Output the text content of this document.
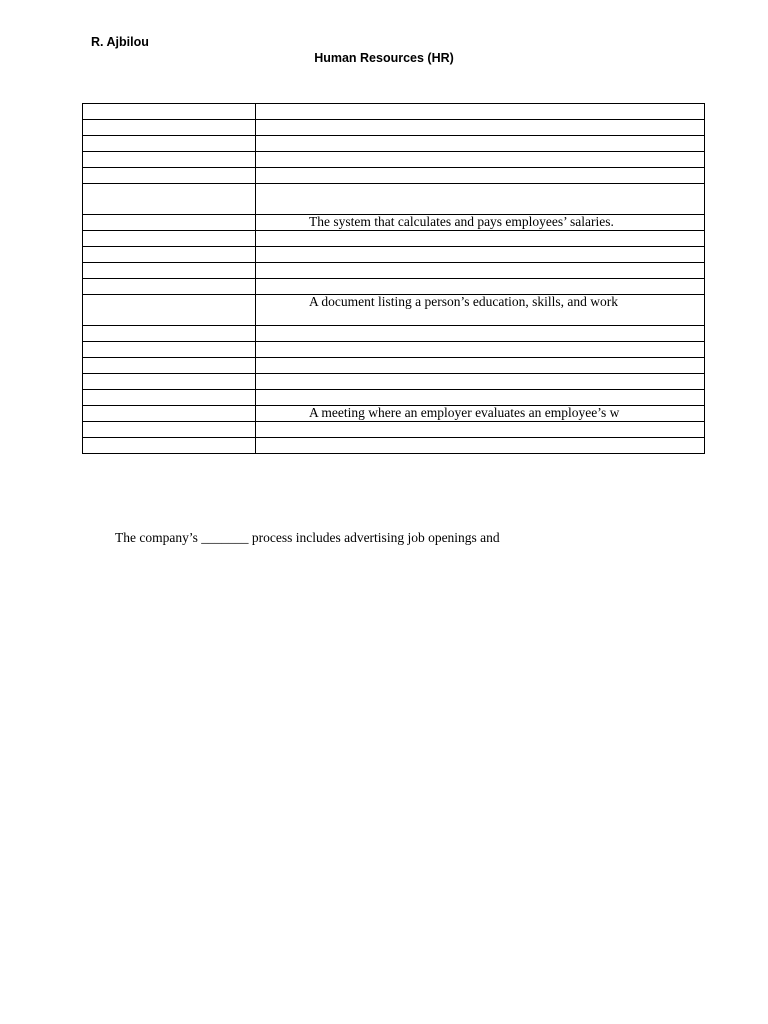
R. Ajbilou
Human Resources (HR)

	The system that calculates and pays employees’ salaries.

	A document listing a person’s education, skills, and work

	A meeting where an employer evaluates an employee’s w

The company’s _______ process includes advertising job openings and
